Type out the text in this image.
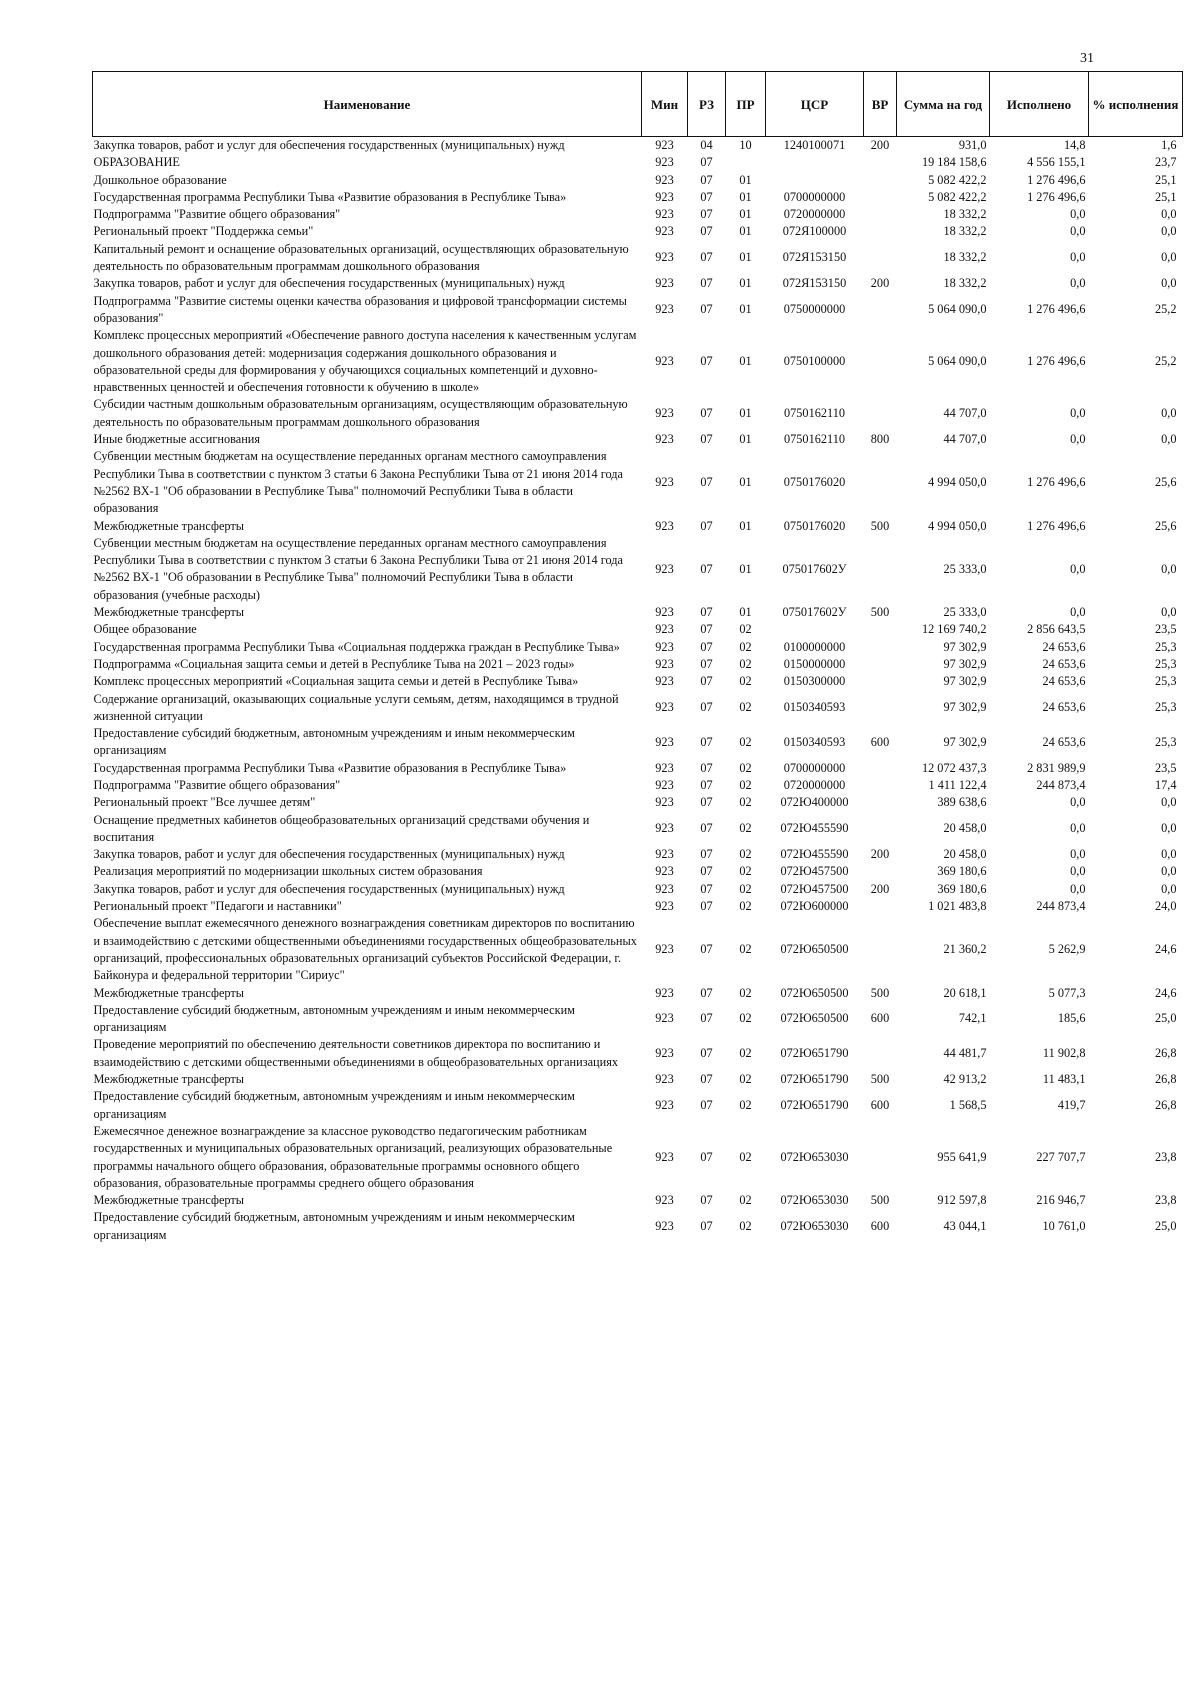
31
Наименование	Мин	РЗ	ПР	ЦСР	ВР	Сумма на год	Исполнено	% исполнения
Закупка товаров, работ и услуг для обеспечения государственных (муниципальных) нужд	923	04	10	1240100071	200	931,0	14,8	1,6
ОБРАЗОВАНИЕ	923	07				19 184 158,6	4 556 155,1	23,7
Дошкольное образование	923	07	01			5 082 422,2	1 276 496,6	25,1
Государственная программа Республики Тыва «Развитие образования в Республике Тыва»	923	07	01	0700000000		5 082 422,2	1 276 496,6	25,1
Подпрограмма "Развитие общего образования"	923	07	01	0720000000		18 332,2	0,0	0,0
Региональный проект "Поддержка семьи"	923	07	01	072Я100000		18 332,2	0,0	0,0
Капитальный ремонт и оснащение образовательных организаций, осуществляющих образовательную деятельность по образовательным программам дошкольного образования	923	07	01	072Я153150		18 332,2	0,0	0,0
Закупка товаров, работ и услуг для обеспечения государственных (муниципальных) нужд	923	07	01	072Я153150	200	18 332,2	0,0	0,0
Подпрограмма "Развитие системы оценки качества образования и цифровой трансформации системы образования"	923	07	01	0750000000		5 064 090,0	1 276 496,6	25,2
Комплекс процессных мероприятий «Обеспечение равного доступа населения к качественным услугам дошкольного образования детей: модернизация содержания дошкольного образования и образовательной среды для формирования у обучающихся социальных компетенций и духовно-нравственных ценностей и обеспечения готовности к обучению в школе»	923	07	01	0750100000		5 064 090,0	1 276 496,6	25,2
Субсидии частным дошкольным образовательным организациям, осуществляющим образовательную деятельность по образовательным программам дошкольного образования	923	07	01	0750162110		44 707,0	0,0	0,0
Иные бюджетные ассигнования	923	07	01	0750162110	800	44 707,0	0,0	0,0
Субвенции местным бюджетам на осуществление переданных органам местного самоуправления Республики Тыва в соответствии с пунктом 3 статьи 6 Закона Республики Тыва от 21 июня 2014 года №2562 ВХ-1 "Об образовании в Республике Тыва" полномочий Республики Тыва в области образования	923	07	01	0750176020		4 994 050,0	1 276 496,6	25,6
Межбюджетные трансферты	923	07	01	0750176020	500	4 994 050,0	1 276 496,6	25,6
Субвенции местным бюджетам на осуществление переданных органам местного самоуправления Республики Тыва в соответствии с пунктом 3 статьи 6 Закона Республики Тыва от 21 июня 2014 года №2562 ВХ-1 "Об образовании в Республике Тыва" полномочий Республики Тыва в области образования (учебные расходы)	923	07	01	075017602У		25 333,0	0,0	0,0
Межбюджетные трансферты	923	07	01	075017602У	500	25 333,0	0,0	0,0
Общее образование	923	07	02			12 169 740,2	2 856 643,5	23,5
Государственная программа Республики Тыва «Социальная поддержка граждан в Республике Тыва»	923	07	02	0100000000		97 302,9	24 653,6	25,3
Подпрограмма «Социальная защита семьи и детей в Республике Тыва на 2021 – 2023 годы»	923	07	02	0150000000		97 302,9	24 653,6	25,3
Комплекс процессных мероприятий «Социальная защита семьи и детей в Республике Тыва»	923	07	02	0150300000		97 302,9	24 653,6	25,3
Содержание организаций, оказывающих социальные услуги семьям, детям, находящимся в трудной жизненной ситуации	923	07	02	0150340593		97 302,9	24 653,6	25,3
Предоставление субсидий бюджетным, автономным учреждениям и иным некоммерческим организациям	923	07	02	0150340593	600	97 302,9	24 653,6	25,3
Государственная программа Республики Тыва «Развитие образования в Республике Тыва»	923	07	02	0700000000		12 072 437,3	2 831 989,9	23,5
Подпрограмма "Развитие общего образования"	923	07	02	0720000000		1 411 122,4	244 873,4	17,4
Региональный проект "Все лучшее детям"	923	07	02	072Ю400000		389 638,6	0,0	0,0
Оснащение предметных кабинетов общеобразовательных организаций средствами обучения и воспитания	923	07	02	072Ю455590		20 458,0	0,0	0,0
Закупка товаров, работ и услуг для обеспечения государственных (муниципальных) нужд	923	07	02	072Ю455590	200	20 458,0	0,0	0,0
Реализация мероприятий по модернизации школьных систем образования	923	07	02	072Ю457500		369 180,6	0,0	0,0
Закупка товаров, работ и услуг для обеспечения государственных (муниципальных) нужд	923	07	02	072Ю457500	200	369 180,6	0,0	0,0
Региональный проект "Педагоги и наставники"	923	07	02	072Ю600000		1 021 483,8	244 873,4	24,0
Обеспечение выплат ежемесячного денежного вознаграждения советникам директоров по воспитанию и взаимодействию с детскими общественными объединениями государственных общеобразовательных организаций, профессиональных образовательных организаций субъектов Российской Федерации, г. Байконура и федеральной территории "Сириус"	923	07	02	072Ю650500		21 360,2	5 262,9	24,6
Межбюджетные трансферты	923	07	02	072Ю650500	500	20 618,1	5 077,3	24,6
Предоставление субсидий бюджетным, автономным учреждениям и иным некоммерческим организациям	923	07	02	072Ю650500	600	742,1	185,6	25,0
Проведение мероприятий по обеспечению деятельности советников директора по воспитанию и взаимодействию с детскими общественными объединениями в общеобразовательных организациях	923	07	02	072Ю651790		44 481,7	11 902,8	26,8
Межбюджетные трансферты	923	07	02	072Ю651790	500	42 913,2	11 483,1	26,8
Предоставление субсидий бюджетным, автономным учреждениям и иным некоммерческим организациям	923	07	02	072Ю651790	600	1 568,5	419,7	26,8
Ежемесячное денежное вознаграждение за классное руководство педагогическим работникам государственных и муниципальных образовательных организаций, реализующих образовательные программы начального общего образования, образовательные программы основного общего образования, образовательные программы среднего общего образования	923	07	02	072Ю653030		955 641,9	227 707,7	23,8
Межбюджетные трансферты	923	07	02	072Ю653030	500	912 597,8	216 946,7	23,8
Предоставление субсидий бюджетным, автономным учреждениям и иным некоммерческим организациям	923	07	02	072Ю653030	600	43 044,1	10 761,0	25,0
